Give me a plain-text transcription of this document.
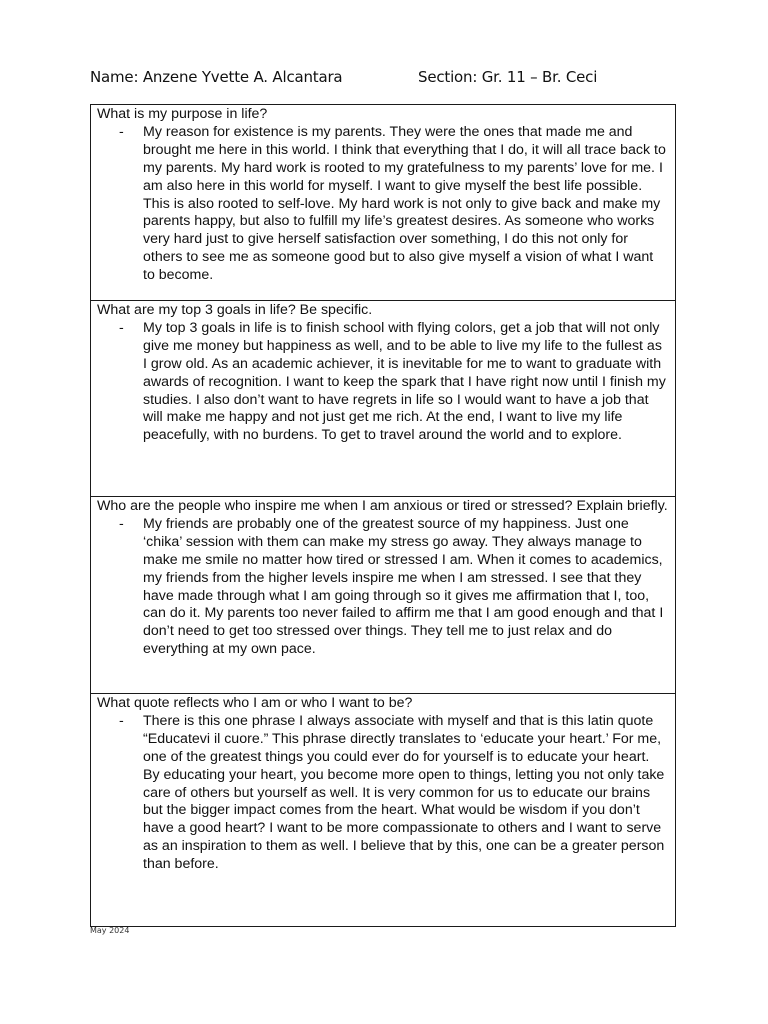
Name: Anzene Yvette A. Alcantara	Section: Gr. 11 – Br. Ceci

What is my purpose in life?

-	My reason for existence is my parents. They were the ones that made me and brought me here in this world. I think that everything that I do, it will all trace back to my parents. My hard work is rooted to my gratefulness to my parents’ love for me. I am also here in this world for myself. I want to give myself the best life possible. This is also rooted to self-love. My hard work is not only to give back and make my parents happy, but also to fulfill my life’s greatest desires. As someone who works very hard just to give herself satisfaction over something, I do this not only for others to see me as someone good but to also give myself a vision of what I want to become.

What are my top 3 goals in life? Be specific.

-	My top 3 goals in life is to finish school with flying colors, get a job that will not only give me money but happiness as well, and to be able to live my life to the fullest as I grow old. As an academic achiever, it is inevitable for me to want to graduate with awards of recognition. I want to keep the spark that I have right now until I finish my studies. I also don’t want to have regrets in life so I would want to have a job that will make me happy and not just get me rich. At the end, I want to live my life peacefully, with no burdens. To get to travel around the world and to explore.

Who are the people who inspire me when I am anxious or tired or stressed? Explain briefly.

-	My friends are probably one of the greatest source of my happiness. Just one ‘chika’ session with them can make my stress go away. They always manage to make me smile no matter how tired or stressed I am. When it comes to academics, my friends from the higher levels inspire me when I am stressed. I see that they have made through what I am going through so it gives me affirmation that I, too, can do it. My parents too never failed to affirm me that I am good enough and that I don’t need to get too stressed over things. They tell me to just relax and do everything at my own pace.

What quote reflects who I am or who I want to be?

-	There is this one phrase I always associate with myself and that is this latin quote “Educatevi il cuore.” This phrase directly translates to ‘educate your heart.’ For me, one of the greatest things you could ever do for yourself is to educate your heart. By educating your heart, you become more open to things, letting you not only take care of others but yourself as well. It is very common for us to educate our brains but the bigger impact comes from the heart. What would be wisdom if you don’t have a good heart? I want to be more compassionate to others and I want to serve as an inspiration to them as well. I believe that by this, one can be a greater person than before.
May 2024
